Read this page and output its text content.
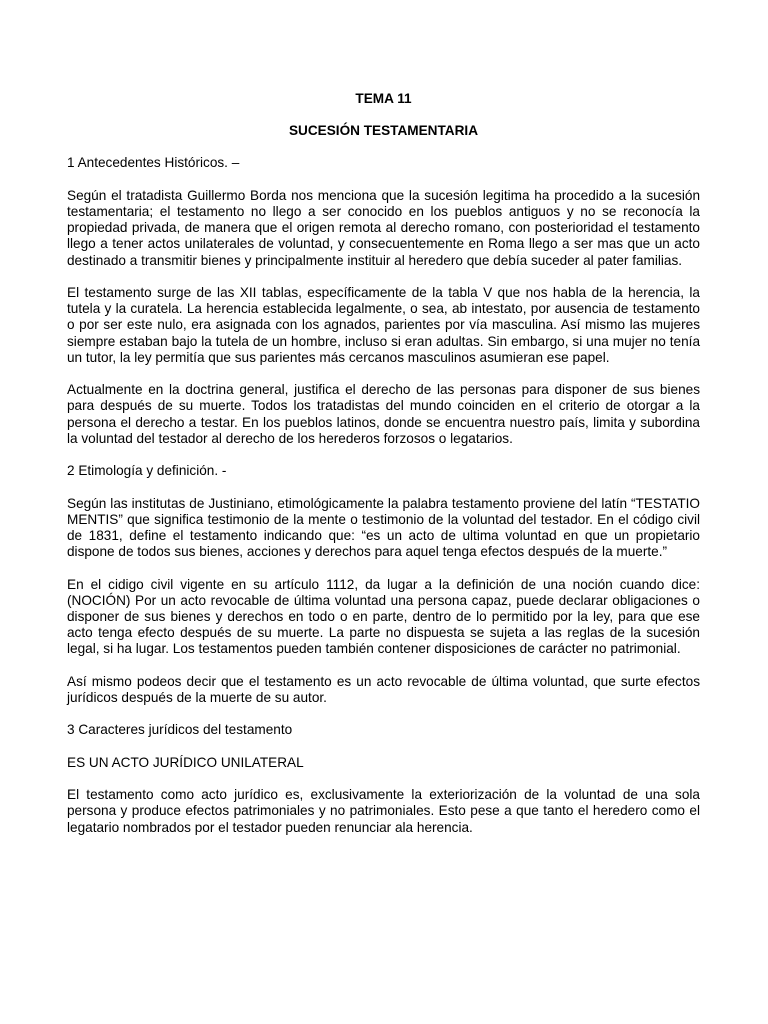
TEMA 11
SUCESIÓN TESTAMENTARIA

1 Antecedentes Históricos. –

Según el tratadista Guillermo Borda nos menciona que la sucesión legitima ha procedido a la sucesión testamentaria; el testamento no llego a ser conocido en los pueblos antiguos y no se reconocía la propiedad privada, de manera que el origen remota al derecho romano, con posterioridad el testamento llego a tener actos unilaterales de voluntad, y consecuentemente en Roma llego a ser mas que un acto destinado a transmitir bienes y principalmente instituir al heredero que debía suceder al pater familias.

El testamento surge de las XII tablas, específicamente de la tabla V que nos habla de la herencia, la tutela y la curatela. La herencia establecida legalmente, o sea, ab intestato, por ausencia de testamento o por ser este nulo, era asignada con los agnados, parientes por vía masculina. Así mismo las mujeres siempre estaban bajo la tutela de un hombre, incluso si eran adultas. Sin embargo, si una mujer no tenía un tutor, la ley permitía que sus parientes más cercanos masculinos asumieran ese papel.

Actualmente en la doctrina general, justifica el derecho de las personas para disponer de sus bienes para después de su muerte. Todos los tratadistas del mundo coinciden en el criterio de otorgar a la persona el derecho a testar. En los pueblos latinos, donde se encuentra nuestro país, limita y subordina la voluntad del testador al derecho de los herederos forzosos o legatarios.

2 Etimología y definición. -

Según las institutas de Justiniano, etimológicamente la palabra testamento proviene del latín “TESTATIO MENTIS” que significa testimonio de la mente o testimonio de la voluntad del testador. En el código civil de 1831, define el testamento indicando que: “es un acto de ultima voluntad en que un propietario dispone de todos sus bienes, acciones y derechos para aquel tenga efectos después de la muerte.”

En el cidigo civil vigente en su artículo 1112, da lugar a la definición de una noción cuando dice: (NOCIÓN) Por un acto revocable de última voluntad una persona capaz, puede declarar obligaciones o disponer de sus bienes y derechos en todo o en parte, dentro de lo permitido por la ley, para que ese acto tenga efecto después de su muerte. La parte no dispuesta se sujeta a las reglas de la sucesión legal, si ha lugar. Los testamentos pueden también contener disposiciones de carácter no patrimonial.

Así mismo podeos decir que el testamento es un acto revocable de última voluntad, que surte efectos jurídicos después de la muerte de su autor.

3 Caracteres jurídicos del testamento

ES UN ACTO JURÍDICO UNILATERAL

El testamento como acto jurídico es, exclusivamente la exteriorización de la voluntad de una sola persona y produce efectos patrimoniales y no patrimoniales. Esto pese a que tanto el heredero como el legatario nombrados por el testador pueden renunciar ala herencia.
